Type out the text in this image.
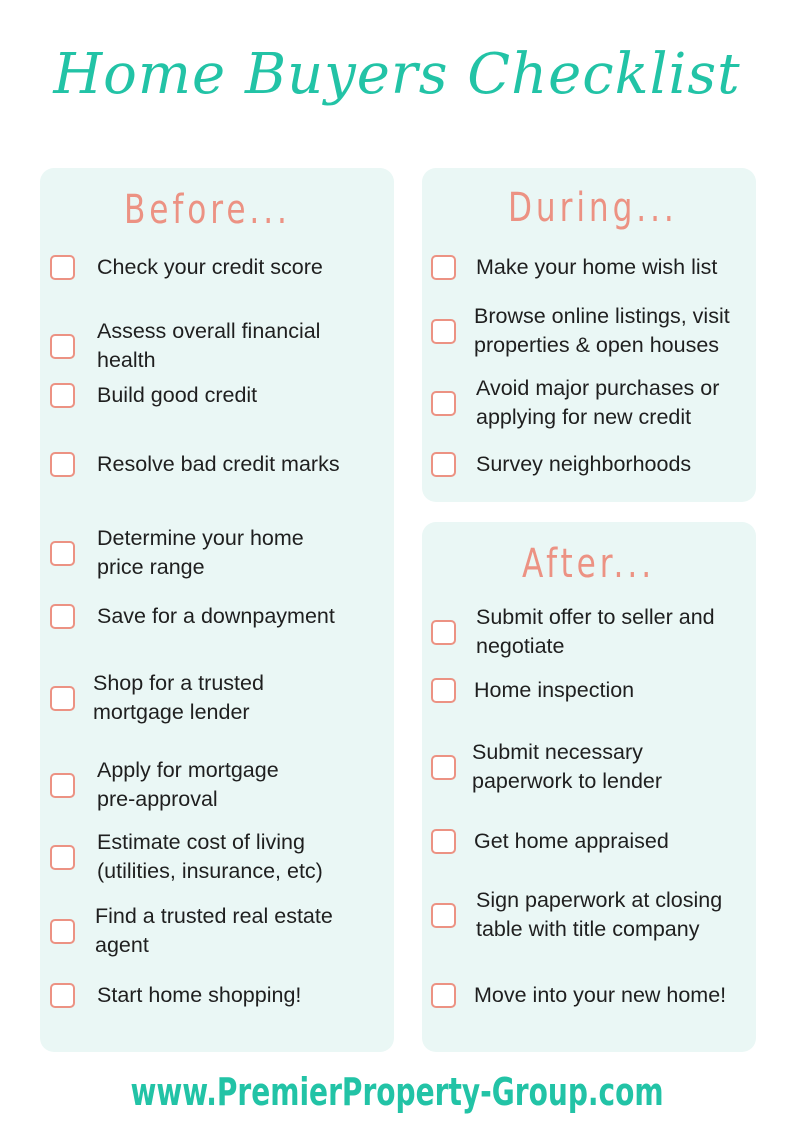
Home Buyers Checklist
Before...	During...
After...
Check your credit score
Assess overall financial
health
Build good credit
Resolve bad credit marks
Determine your home
price range
Save for a downpayment
Shop for a trusted
mortgage lender
Apply for mortgage
pre-approval
Estimate cost of living
(utilities, insurance, etc)
Find a trusted real estate
agent
Start home shopping!
Make your home wish list
Browse online listings, visit
properties & open houses
Avoid major purchases or
applying for new credit
Survey neighborhoods
Submit offer to seller and
negotiate
Home inspection
Submit necessary
paperwork to lender
Get home appraised
Sign paperwork at closing
table with title company
Move into your new home!
www.PremierProperty-Group.com
